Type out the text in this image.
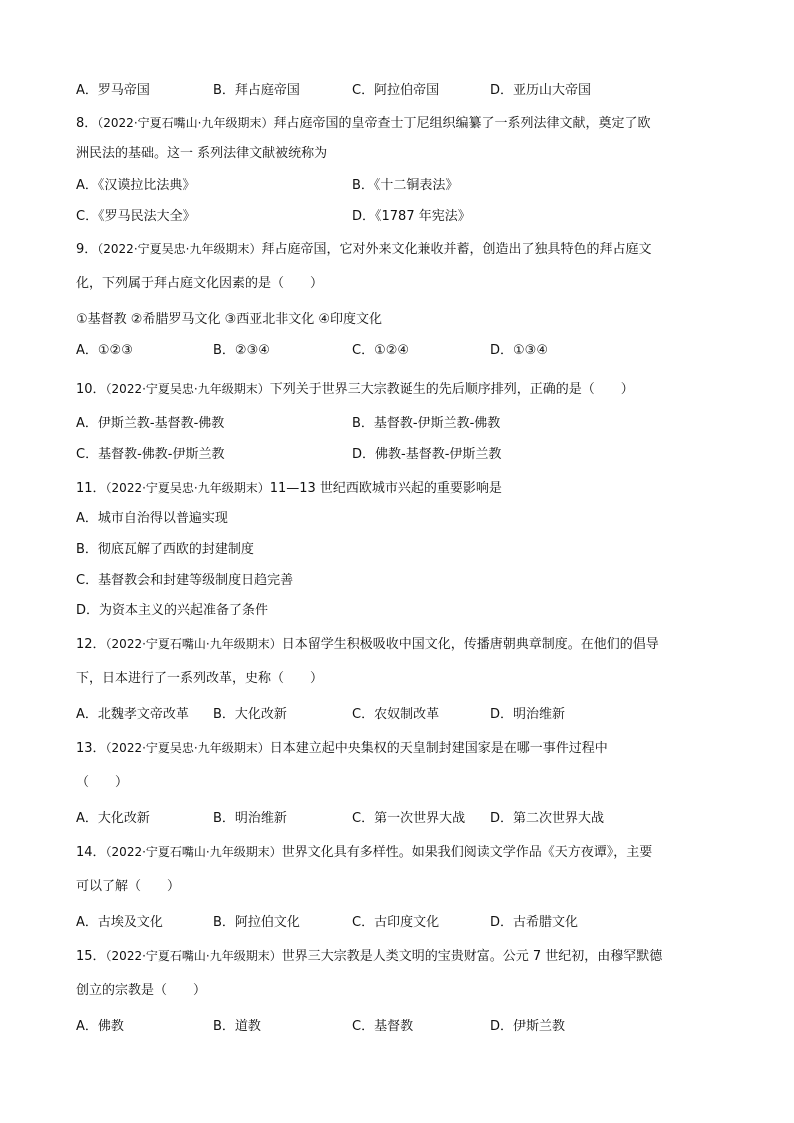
A．罗马帝国	B．拜占庭帝国	C．阿拉伯帝国	D．亚历山大帝国
8．（2022·宁夏石嘴山·九年级期末）拜占庭帝国的皇帝查士丁尼组织编纂了一系列法律文献，奠定了欧
洲民法的基础。这一 系列法律文献被统称为
A．《汉谟拉比法典》	B．《十二铜表法》
C．《罗马民法大全》	D．《1787 年宪法》
9．（2022·宁夏吴忠·九年级期末）拜占庭帝国，它对外来文化兼收并蓄，创造出了独具特色的拜占庭文
化，下列属于拜占庭文化因素的是（　　）
①基督教 ②希腊罗马文化 ③西亚北非文化 ④印度文化
A．①②③	B．②③④	C．①②④	D．①③④
10．（2022·宁夏吴忠·九年级期末）下列关于世界三大宗教诞生的先后顺序排列，正确的是（　　）
A．伊斯兰教-基督教-佛教	B．基督教-伊斯兰教-佛教
C．基督教-佛教-伊斯兰教	D．佛教-基督教-伊斯兰教
11．（2022·宁夏吴忠·九年级期末）11—13 世纪西欧城市兴起的重要影响是
A．城市自治得以普遍实现
B．彻底瓦解了西欧的封建制度
C．基督教会和封建等级制度日趋完善
D．为资本主义的兴起准备了条件
12．（2022·宁夏石嘴山·九年级期末）日本留学生积极吸收中国文化，传播唐朝典章制度。在他们的倡导
下，日本进行了一系列改革，史称（　　）
A．北魏孝文帝改革 B．大化改新	C．农奴制改革	D．明治维新
13．（2022·宁夏吴忠·九年级期末）日本建立起中央集权的天皇制封建国家是在哪一事件过程中
（　　）
A．大化改新	B．明治维新	C．第一次世界大战 D．第二次世界大战
14．（2022·宁夏石嘴山·九年级期末）世界文化具有多样性。如果我们阅读文学作品《天方夜谭》，主要
可以了解（　　）
A．古埃及文化	B．阿拉伯文化	C．古印度文化	D．古希腊文化
15．（2022·宁夏石嘴山·九年级期末）世界三大宗教是人类文明的宝贵财富。公元 7 世纪初，由穆罕默德
创立的宗教是（　　）
A．佛教	B．道教	C．基督教	D．伊斯兰教
